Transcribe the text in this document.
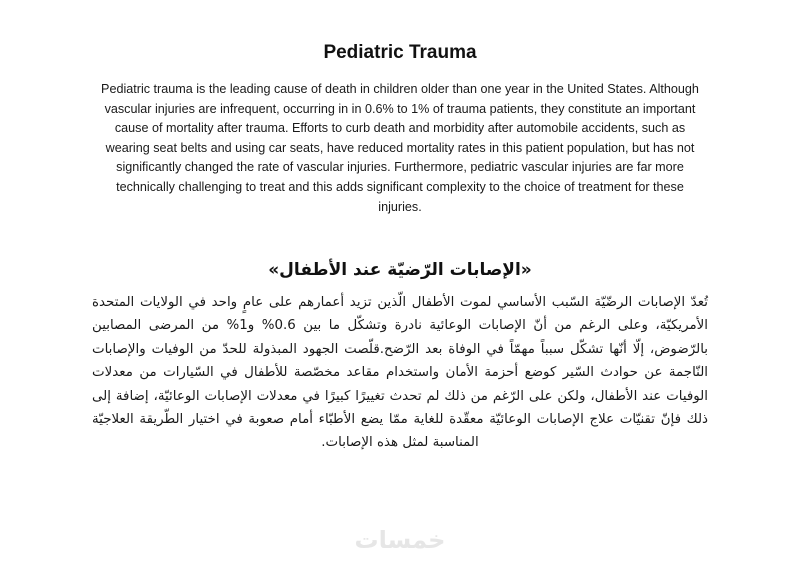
Pediatric Trauma

Pediatric trauma is the leading cause of death in children older than one year in the United States. Although vascular injuries are infrequent, occurring in in 0.6% to 1% of trauma patients, they constitute an important cause of mortality after trauma. Efforts to curb death and morbidity after automobile accidents, such as wearing seat belts and using car seats, have reduced mortality rates in this patient population, but has not significantly changed the rate of vascular injuries. Furthermore, pediatric vascular injuries are far more technically challenging to treat and this adds significant complexity to the choice of treatment for these injuries.

«الإصابات الرّضيّة عند الأطفال»

تُعدّ الإصابات الرضّيّة السّبب الأساسي لموت الأطفال الّذين تزيد أعمارهم على عامٍ واحد في الولايات المتحدة الأمريكيّة، وعلى الرغم من أنّ الإصابات الوعائية نادرة وتشكّل ما بين 0.6% و1% من المرضى المصابين بالرّضوض، إلّا أنّها تشكّل سبباً مهمّاً في الوفاة بعد الرّضح.قلّصت الجهود المبذولة للحدّ من الوفيات والإصابات النّاجمة عن حوادث السّير كوضع أحزمة الأمان واستخدام مقاعد مخصّصة للأطفال في السّيارات من معدلات الوفيات عند الأطفال، ولكن على الرّغم من ذلك لم تحدث تغييرًا كبيرًا في معدلات الإصابات الوعائيّة، إضافة إلى ذلك فإنّ تقنيّات علاج الإصابات الوعائيّة معقّدة للغاية ممّا يضع الأطبّاء أمام صعوبة في اختيار الطّريقة العلاجيّة المناسبة لمثل هذه الإصابات.

خمسات
